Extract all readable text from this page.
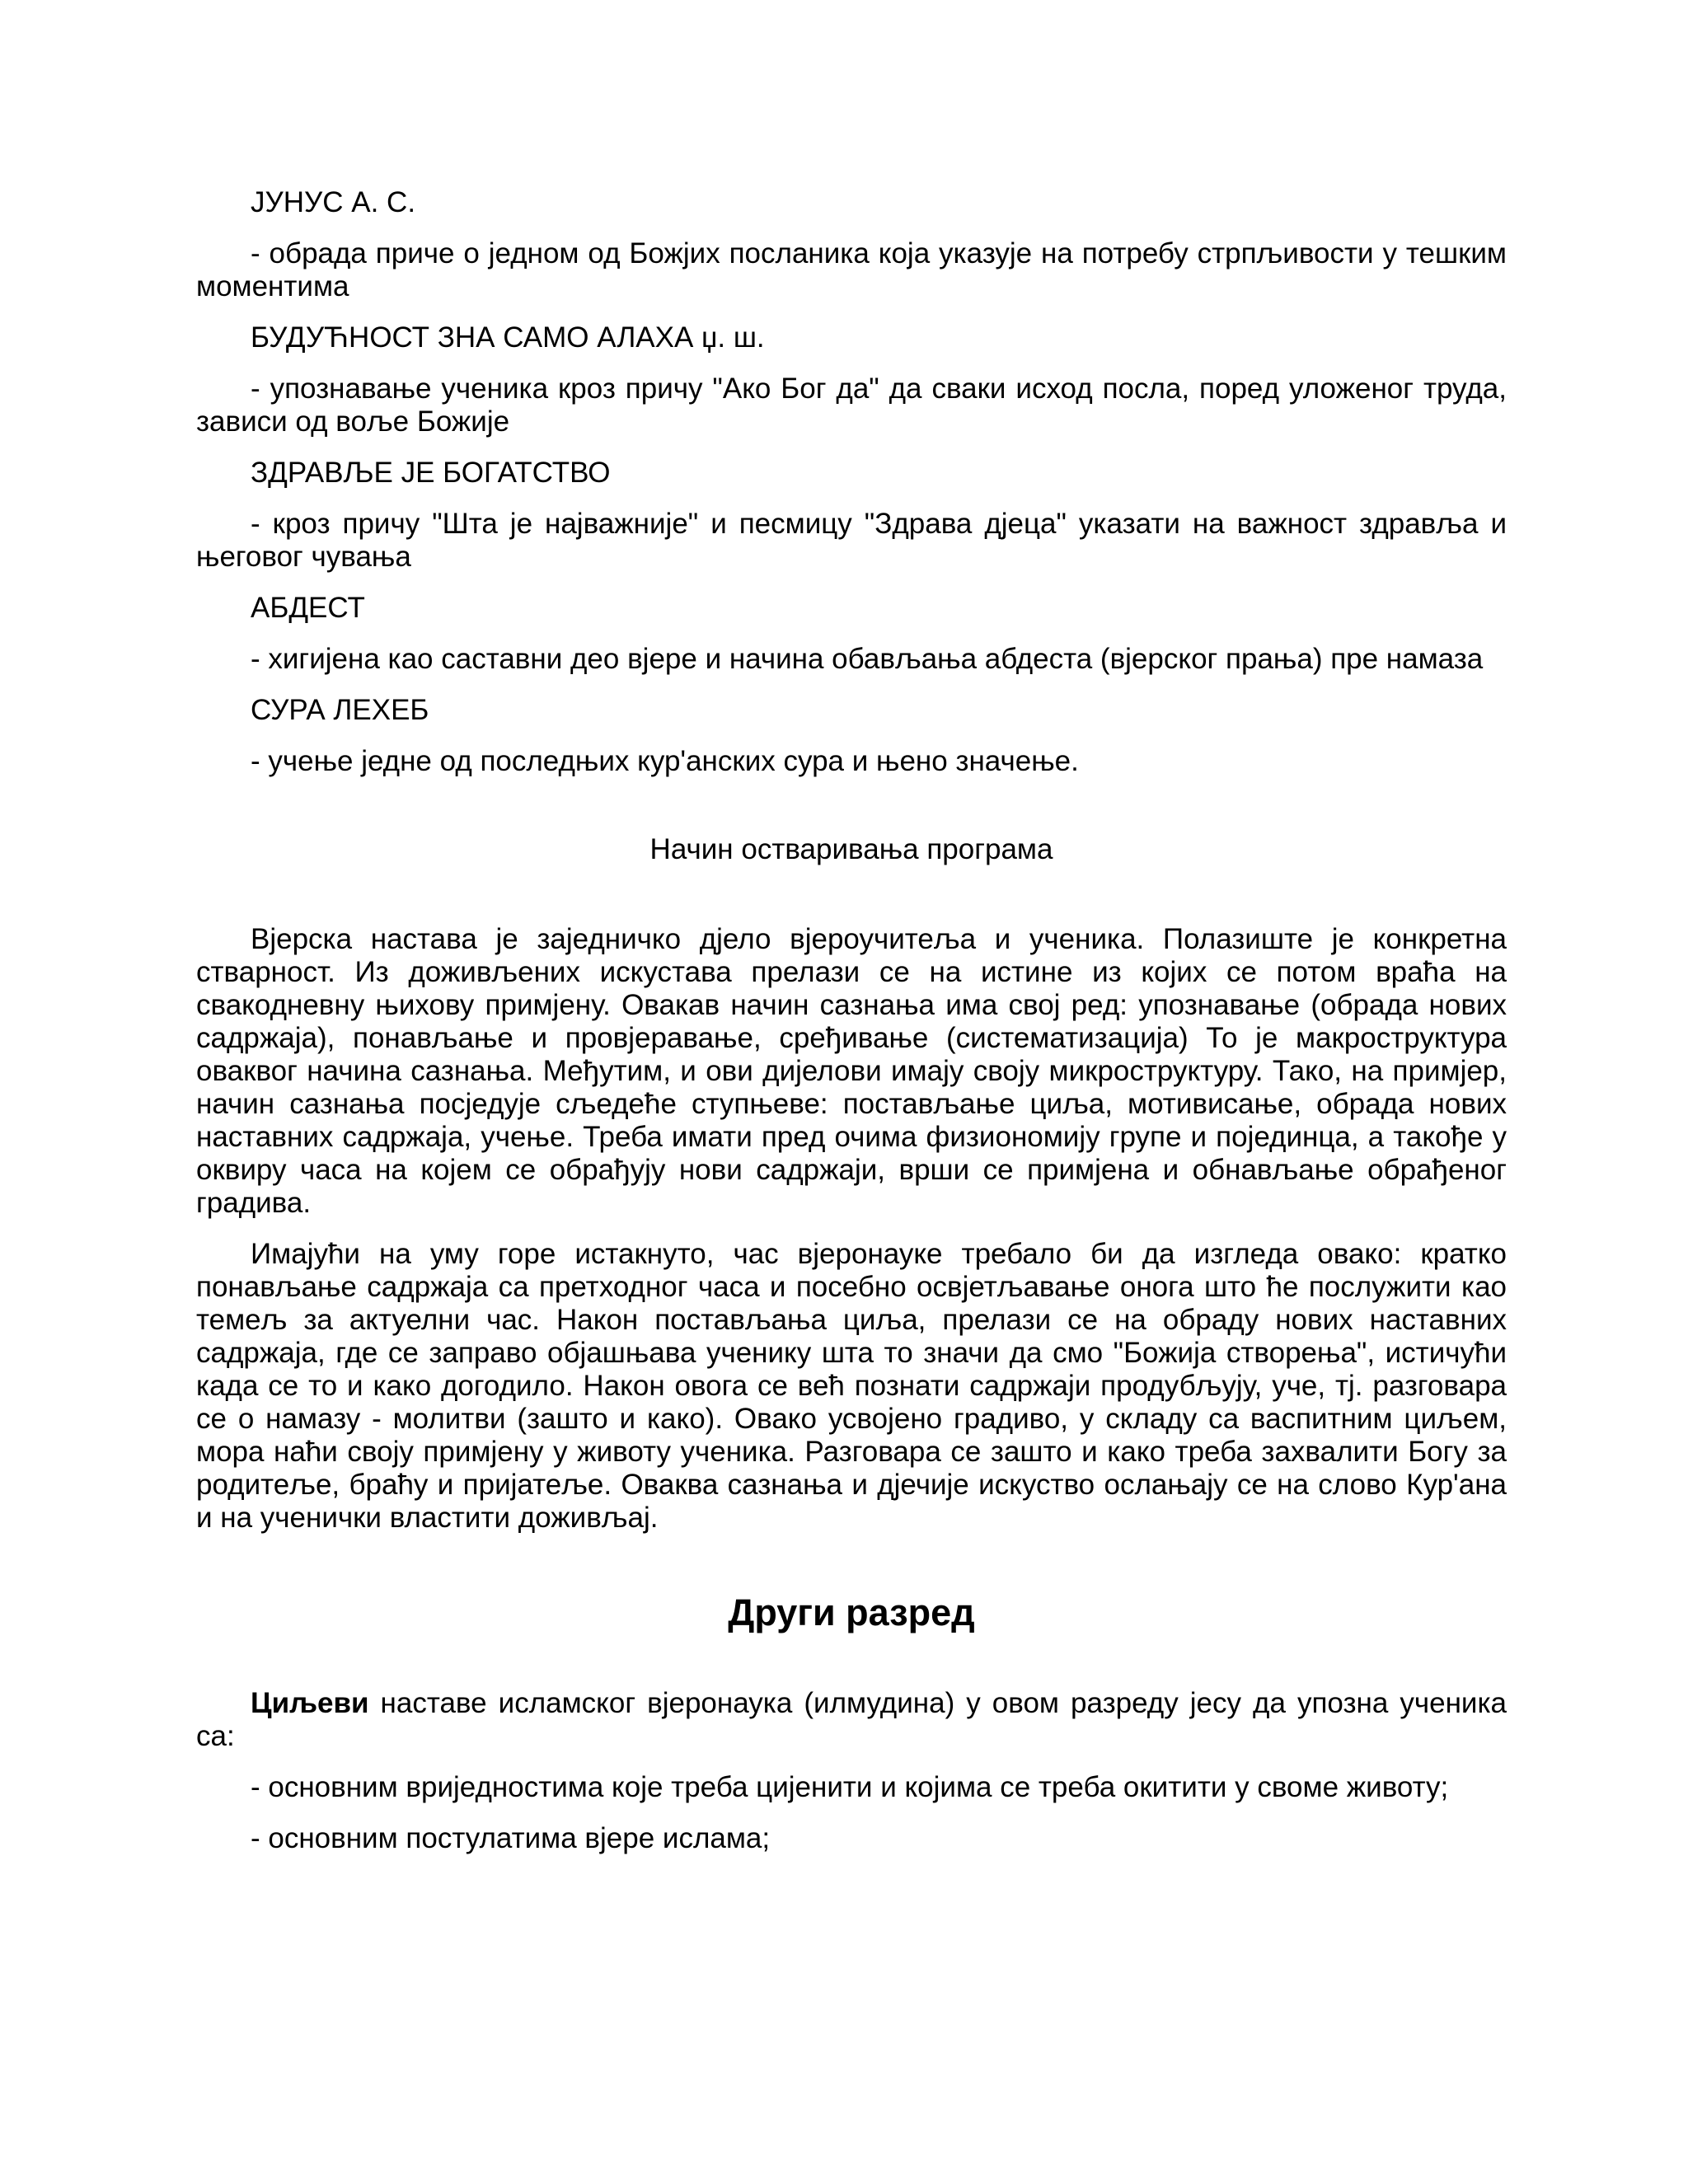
ЈУНУС А. С.

- обрада приче о једном од Божјих посланика која указује на потребу стрпљивости у тешким моментима

БУДУЋНОСТ ЗНА САМО АЛАХА џ. ш.

- упознавање ученика кроз причу "Ако Бог да" да сваки исход посла, поред уложеног труда, зависи од воље Божије

ЗДРАВЉЕ ЈЕ БОГАТСТВО

- кроз причу "Шта је најважније" и песмицу "Здрава дјеца" указати на важност здравља и његовог чувања

АБДЕСТ

- хигијена као саставни део вјере и начина обављања абдеста (вјерског прања) пре намаза

СУРА ЛЕХЕБ

- учење једне од последњих кур'анских сура и њено значење.

Начин остваривања програма

Вјерска настава је заједничко дјело вјероучитеља и ученика. Полазиште је конкретна стварност. Из доживљених искустава прелази се на истине из којих се потом враћа на свакодневну њихову примјену. Овакав начин сазнања има свој ред: упознавање (обрада нових садржаја), понављање и провјеравање, сређивање (систематизација) То је макроструктура оваквог начина сазнања. Међутим, и ови дијелови имају своју микроструктуру. Тако, на примјер, начин сазнања посједује сљедеће ступњеве: постављање циља, мотивисање, обрада нових наставних садржаја, учење. Треба имати пред очима физиономију групе и појединца, а такође у оквиру часа на којем се обрађују нови садржаји, врши се примјена и обнављање обрађеног градива.

Имајући на уму горе истакнуто, час вјеронауке требало би да изгледа овако: кратко понављање садржаја са претходног часа и посебно освјетљавање онога што ће послужити као темељ за актуелни час. Након постављања циља, прелази се на обраду нових наставних садржаја, где се заправо објашњава ученику шта то значи да смо "Божија створења", истичући када се то и како догодило. Након овога се већ познати садржаји продубљују, уче, тј. разговара се о намазу - молитви (зашто и како). Овако усвојено градиво, у складу са васпитним циљем, мора наћи своју примјену у животу ученика. Разговара се зашто и како треба захвалити Богу за родитеље, браћу и пријатеље. Оваква сазнања и дјечије искуство ослањају се на слово Кур'ана и на ученички властити доживљај.

Други разред

Циљеви наставе исламског вјеронаука (илмудина) у овом разреду јесу да упозна ученика са:

- основним вриједностима које треба цијенити и којима се треба окитити у своме животу;

- основним постулатима вјере ислама;
